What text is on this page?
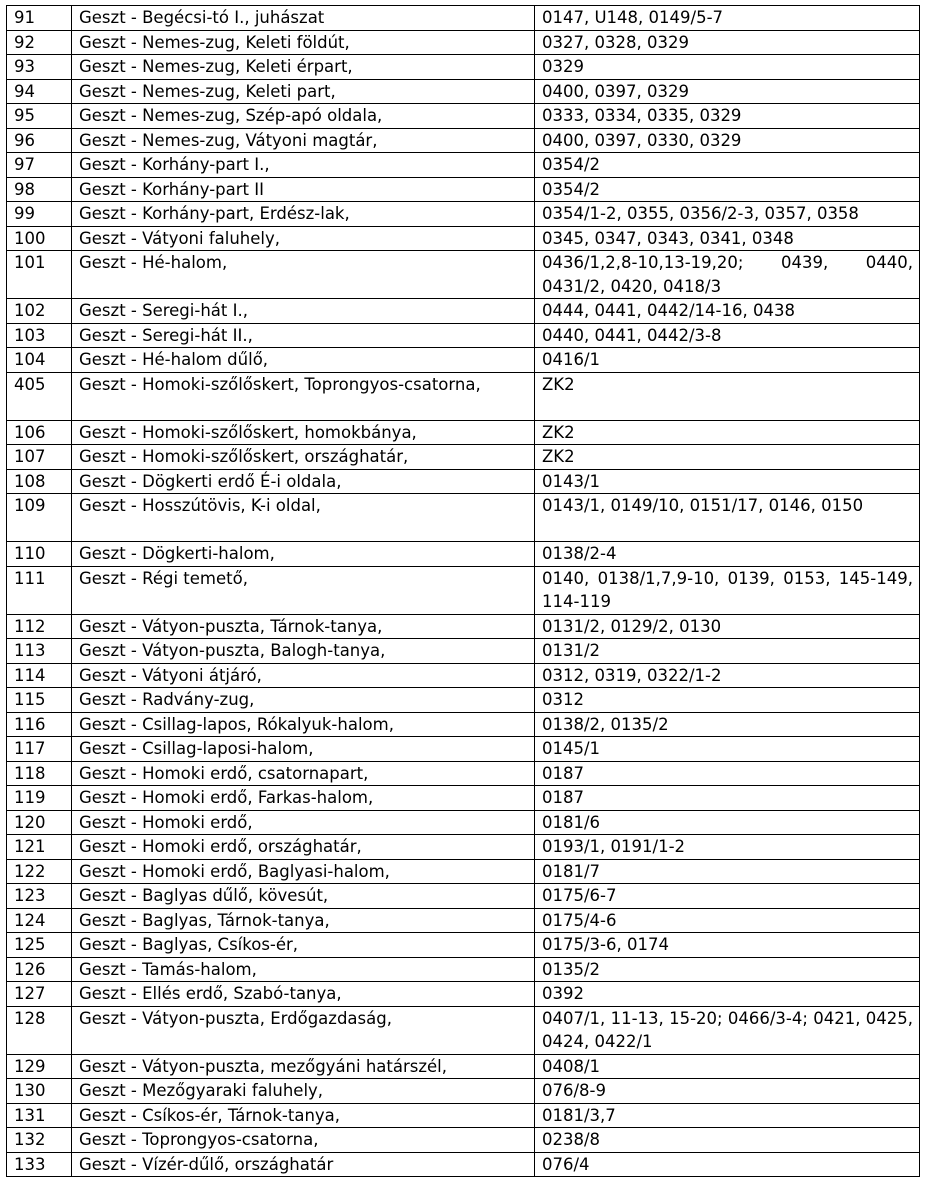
91	Geszt - Begécsi-tó I., juhászat	0147, U148, 0149/5-7
92	Geszt - Nemes-zug, Keleti földút,	0327, 0328, 0329
93	Geszt - Nemes-zug, Keleti érpart,	0329
94	Geszt - Nemes-zug, Keleti part,	0400, 0397, 0329
95	Geszt - Nemes-zug, Szép-apó oldala,	0333, 0334, 0335, 0329
96	Geszt - Nemes-zug, Vátyoni magtár,	0400, 0397, 0330, 0329
97	Geszt - Korhány-part I.,	0354/2
98	Geszt - Korhány-part II	0354/2
99	Geszt - Korhány-part, Erdész-lak,	0354/1-2, 0355, 0356/2-3, 0357, 0358
100	Geszt - Vátyoni faluhely,	0345, 0347, 0343, 0341, 0348
101	Geszt - Hé-halom,	0436/1,2,8-10,13-19,20; 0439, 0440, 0431/2, 0420, 0418/3
102	Geszt - Seregi-hát I.,	0444, 0441, 0442/14-16, 0438
103	Geszt - Seregi-hát II.,	0440, 0441, 0442/3-8
104	Geszt - Hé-halom dűlő,	0416/1
405	Geszt - Homoki-szőlőskert, Toprongyos-csatorna,	ZK2
106	Geszt - Homoki-szőlőskert, homokbánya,	ZK2
107	Geszt - Homoki-szőlőskert, országhatár,	ZK2
108	Geszt - Dögkerti erdő É-i oldala,	0143/1
109	Geszt - Hosszútövis, K-i oldal,	0143/1, 0149/10, 0151/17, 0146, 0150
110	Geszt - Dögkerti-halom,	0138/2-4
111	Geszt - Régi temető,	0140, 0138/1,7,9-10, 0139, 0153, 145-149, 114-119
112	Geszt - Vátyon-puszta, Tárnok-tanya,	0131/2, 0129/2, 0130
113	Geszt - Vátyon-puszta, Balogh-tanya,	0131/2
114	Geszt - Vátyoni átjáró,	0312, 0319, 0322/1-2
115	Geszt - Radvány-zug,	0312
116	Geszt - Csillag-lapos, Rókalyuk-halom,	0138/2, 0135/2
117	Geszt - Csillag-laposi-halom,	0145/1
118	Geszt - Homoki erdő, csatornapart,	0187
119	Geszt - Homoki erdő, Farkas-halom,	0187
120	Geszt - Homoki erdő,	0181/6
121	Geszt - Homoki erdő, országhatár,	0193/1, 0191/1-2
122	Geszt - Homoki erdő, Baglyasi-halom,	0181/7
123	Geszt - Baglyas dűlő, kövesút,	0175/6-7
124	Geszt - Baglyas, Tárnok-tanya,	0175/4-6
125	Geszt - Baglyas, Csíkos-ér,	0175/3-6, 0174
126	Geszt - Tamás-halom,	0135/2
127	Geszt - Ellés erdő, Szabó-tanya,	0392
128	Geszt - Vátyon-puszta, Erdőgazdaság,	0407/1, 11-13, 15-20; 0466/3-4; 0421, 0425, 0424, 0422/1
129	Geszt - Vátyon-puszta, mezőgyáni határszél,	0408/1
130	Geszt - Mezőgyaraki faluhely,	076/8-9
131	Geszt - Csíkos-ér, Tárnok-tanya,	0181/3,7
132	Geszt - Toprongyos-csatorna,	0238/8
133	Geszt - Vízér-dűlő, országhatár	076/4
